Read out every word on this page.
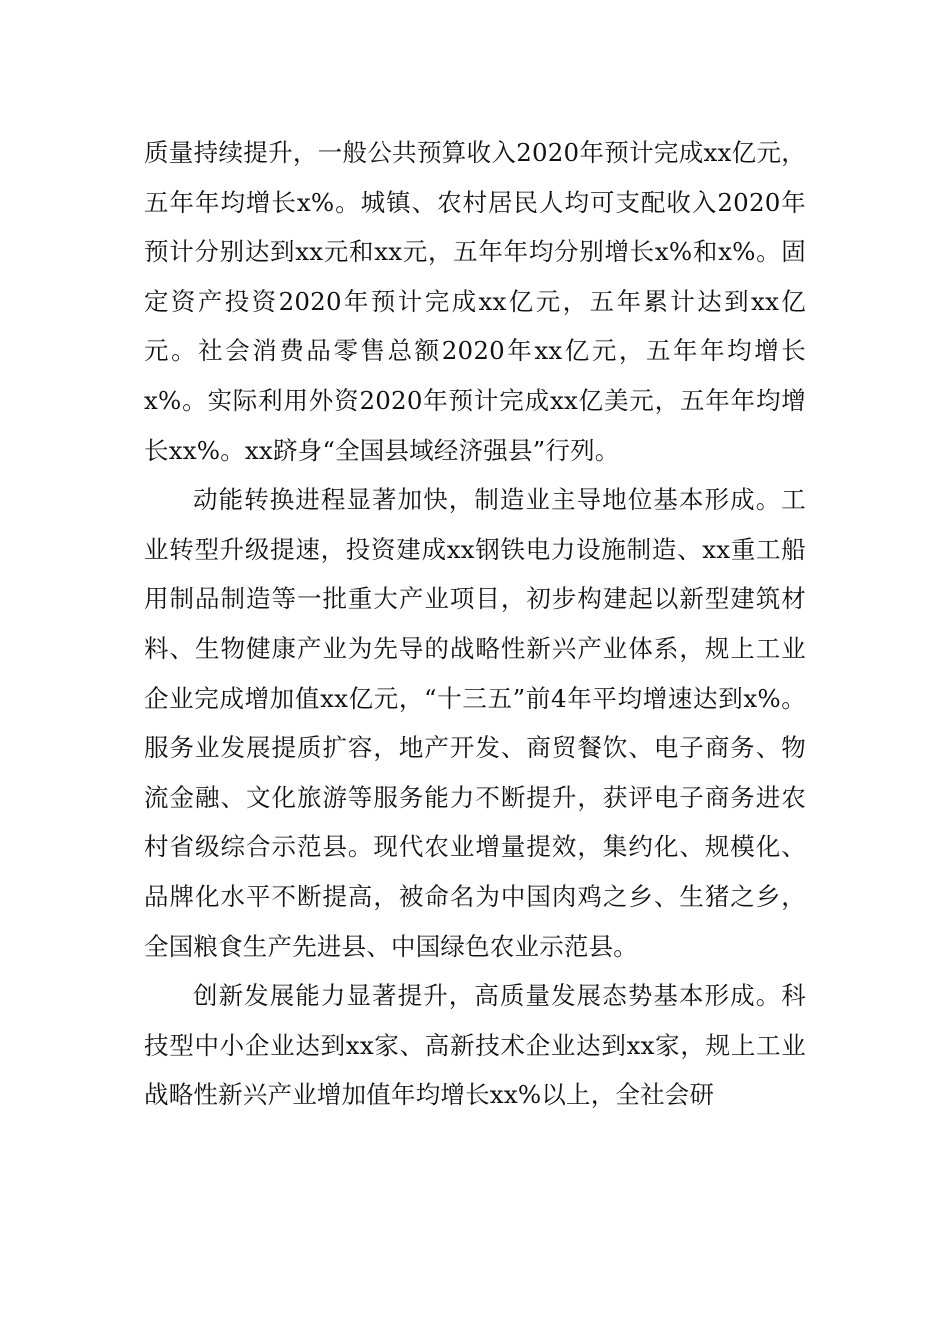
质量持续提升，一般公共预算收入2020年预计完成xx亿元，五年年均增长x%。城镇、农村居民人均可支配收入2020年预计分别达到xx元和xx元，五年年均分别增长x%和x%。固定资产投资2020年预计完成xx亿元，五年累计达到xx亿元。社会消费品零售总额2020年xx亿元，五年年均增长x%。实际利用外资2020年预计完成xx亿美元，五年年均增长xx%。xx跻身“全国县域经济强县”行列。

动能转换进程显著加快，制造业主导地位基本形成。工业转型升级提速，投资建成xx钢铁电力设施制造、xx重工船用制品制造等一批重大产业项目，初步构建起以新型建筑材料、生物健康产业为先导的战略性新兴产业体系，规上工业企业完成增加值xx亿元，“十三五”前4年平均增速达到x%。服务业发展提质扩容，地产开发、商贸餐饮、电子商务、物流金融、文化旅游等服务能力不断提升，获评电子商务进农村省级综合示范县。现代农业增量提效，集约化、规模化、品牌化水平不断提高，被命名为中国肉鸡之乡、生猪之乡，全国粮食生产先进县、中国绿色农业示范县。

创新发展能力显著提升，高质量发展态势基本形成。科技型中小企业达到xx家、高新技术企业达到xx家，规上工业战略性新兴产业增加值年均增长xx%以上，全社会研
